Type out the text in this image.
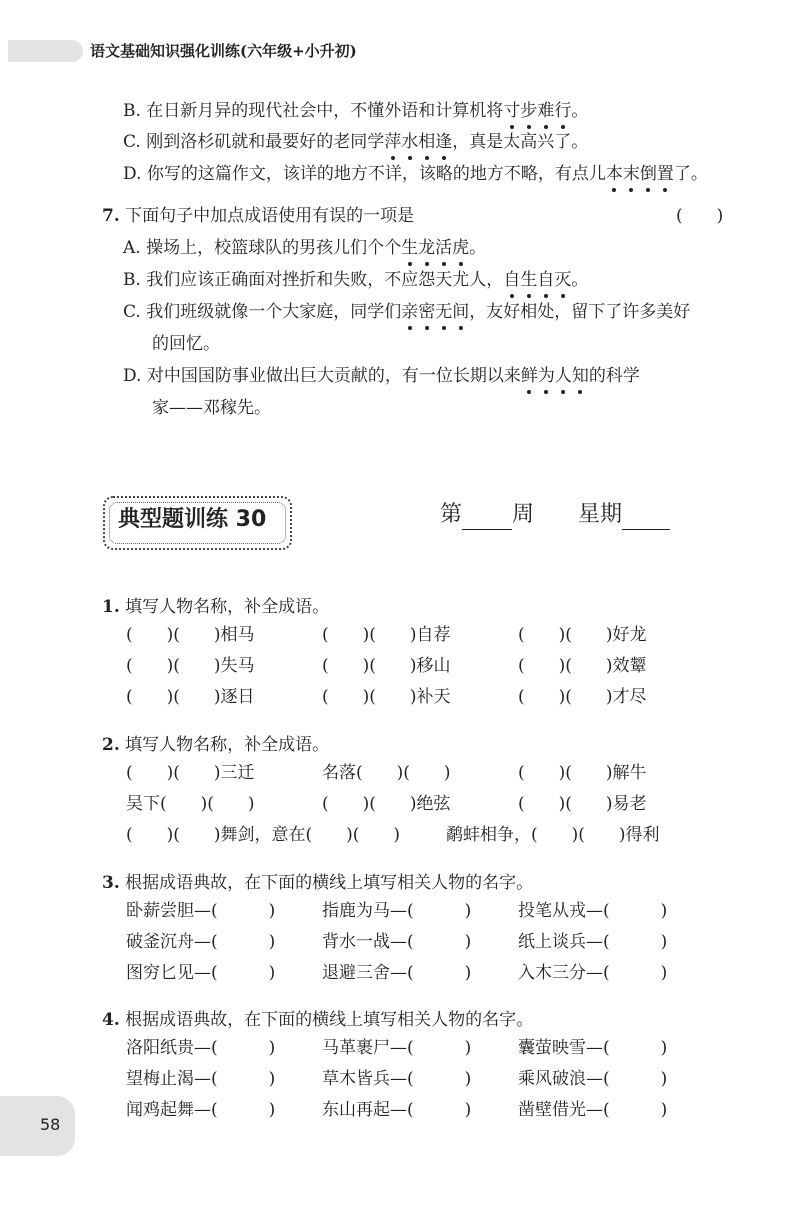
语文基础知识强化训练(六年级+小升初)
B. 在日新月异的现代社会中，不懂外语和计算机将寸步难行。
C. 刚到洛杉矶就和最要好的老同学萍水相逢，真是太高兴了。
D. 你写的这篇作文，该详的地方不详，该略的地方不略，有点儿本末倒置了。
7. 下面句子中加点成语使用有误的一项是	(　　)
A. 操场上，校篮球队的男孩儿们个个生龙活虎。
B. 我们应该正确面对挫折和失败，不应怨天尤人，自生自灭。
C. 我们班级就像一个大家庭，同学们亲密无间，友好相处，留下了许多美好
的回忆。
D. 对中国国防事业做出巨大贡献的，有一位长期以来鲜为人知的科学
家——邓稼先。
典型题训练 30	第 周 星期
1. 填写人物名称，补全成语。
(　　)(　　)相马	(　　)(　　)自荐	(　　)(　　)好龙
(　　)(　　)失马	(　　)(　　)移山	(　　)(　　)效颦
(　　)(　　)逐日	(　　)(　　)补天	(　　)(　　)才尽
2. 填写人物名称，补全成语。
(　　)(　　)三迁	名落(　　)(　　)	(　　)(　　)解牛
吴下(　　)(　　)	(　　)(　　)绝弦	(　　)(　　)易老
(　　)(　　)舞剑，意在(　　)(　　)	鹬蚌相争，(　　)(　　)得利
3. 根据成语典故，在下面的横线上填写相关人物的名字。
卧薪尝胆—(　　　)	指鹿为马—(　　　)	投笔从戎—(　　　)
破釜沉舟—(　　　)	背水一战—(　　　)	纸上谈兵—(　　　)
图穷匕见—(　　　)	退避三舍—(　　　)	入木三分—(　　　)
4. 根据成语典故，在下面的横线上填写相关人物的名字。
洛阳纸贵—(　　　)	马革裹尸—(　　　)	囊萤映雪—(　　　)
望梅止渴—(　　　)	草木皆兵—(　　　)	乘风破浪—(　　　)
闻鸡起舞—(　　　)	东山再起—(　　　)	凿壁借光—(　　　)
58
